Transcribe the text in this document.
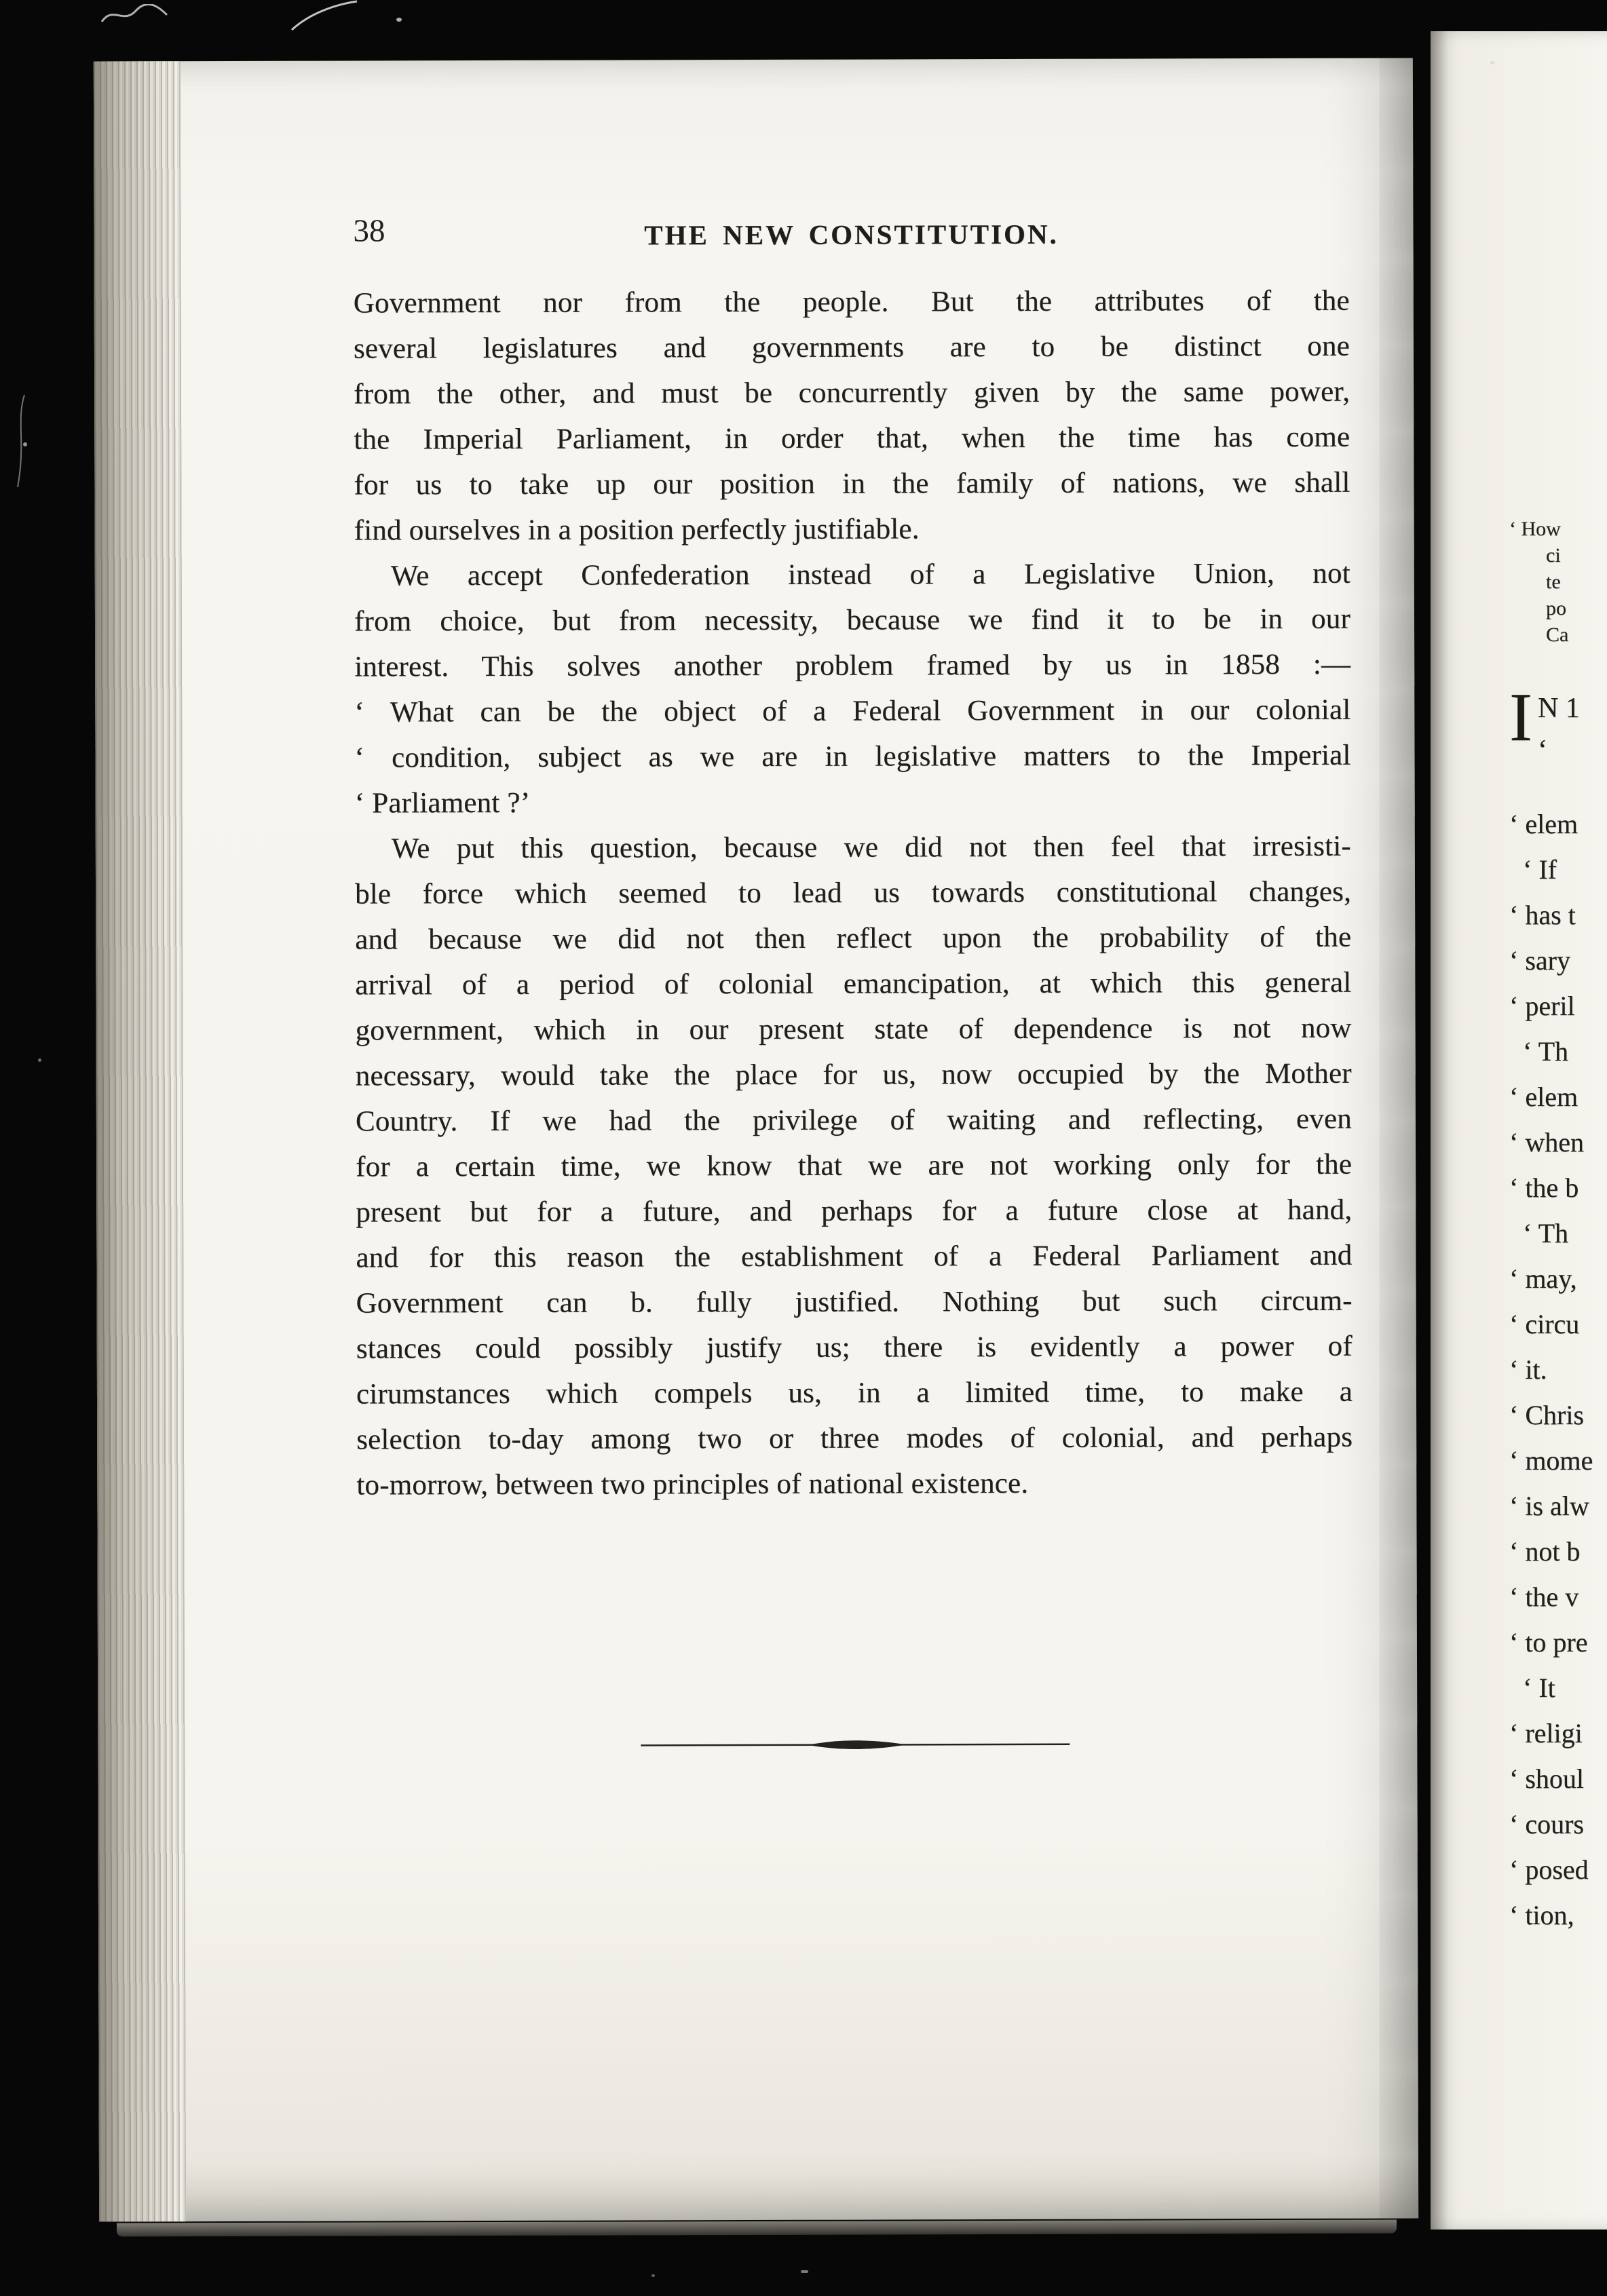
38	THE NEW CONSTITUTION.
Government nor from the people. But the attributes of the
several legislatures and governments are to be distinct one
from the other, and must be concurrently given by the same power,
the Imperial Parliament, in order that, when the time has come
for us to take up our position in the family of nations, we shall
find ourselves in a position perfectly justifiable.
We accept Confederation instead of a Legislative Union, not
from choice, but from necessity, because we find it to be in our
interest. This solves another problem framed by us in 1858 :—
‘ What can be the object of a Federal Government in our colonial
‘ condition, subject as we are in legislative matters to the Imperial
‘ Parliament ?’
We put this question, because we did not then feel that irresisti-
ble force which seemed to lead us towards constitutional changes,
and because we did not then reflect upon the probability of the
arrival of a period of colonial emancipation, at which this general
government, which in our present state of dependence is not now
necessary, would take the place for us, now occupied by the Mother
Country. If we had the privilege of waiting and reflecting, even
for a certain time, we know that we are not working only for the
present but for a future, and perhaps for a future close at hand,
and for this reason the establishment of a Federal Parliament and
Government can b. fully justified. Nothing but such circum-
stances could possibly justify us; there is evidently a power of
cirumstances which compels us, in a limited time, to make a
selection to-day among two or three modes of colonial, and perhaps
to-morrow, between two principles of national existence.
‘ How
ci
te
po
Ca
I N 1
‘
‘ elem
‘ If
‘ has t
‘ sary
‘ peril
‘ Th
‘ elem
‘ when
‘ the b
‘ Th
‘ may,
‘ circu
‘ it.
‘ Chris
‘ mome
‘ is alw
‘ not b
‘ the v
‘ to pre
‘ It
‘ religi
‘ shoul
‘ cours
‘ posed
‘ tion,
